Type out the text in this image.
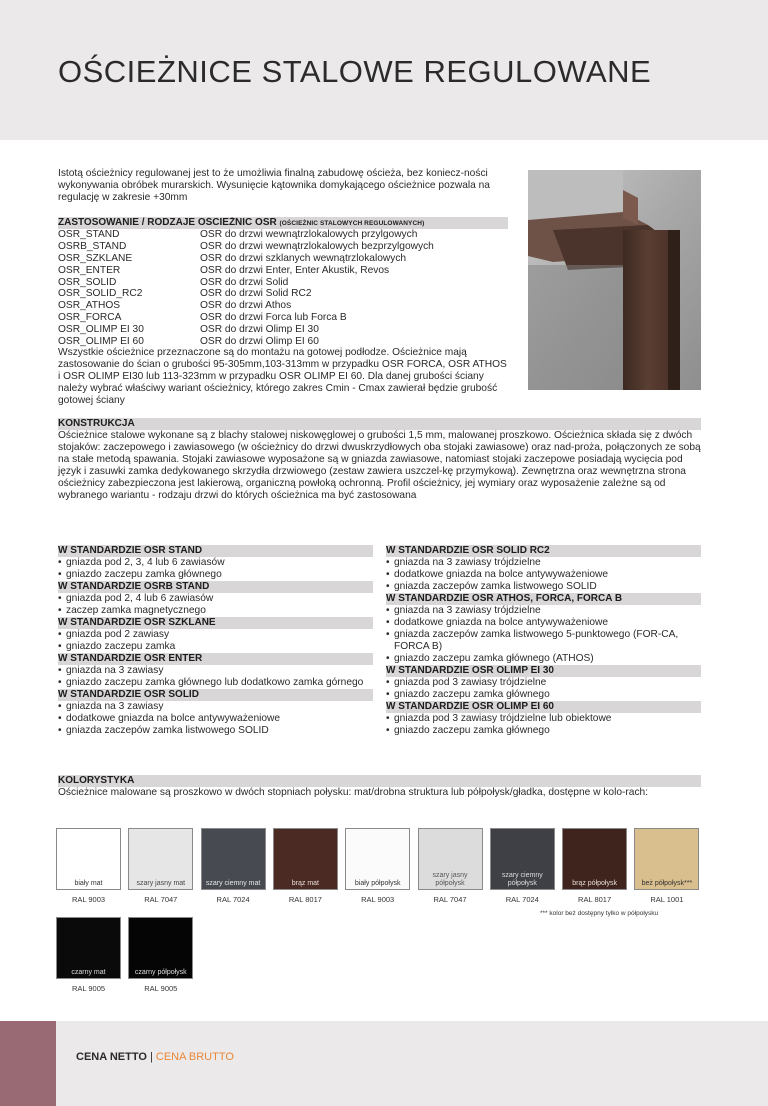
OŚCIEŻNICE STALOWE REGULOWANE
Istotą ościeżnicy regulowanej jest to że umożliwia finalną zabudowę ościeża, bez koniecz-ności wykonywania obróbek murarskich. Wysunięcie kątownika domykającego ościeżnice pozwala na regulację w zakresie +30mm
ZASTOSOWANIE / RODZAJE OŚCIEŻNIC OSR (OŚCIEŻNIC STALOWYCH REGULOWANYCH)
OSR_STAND	OSR do drzwi wewnątrzlokalowych przylgowych
OSRB_STAND	OSR do drzwi wewnątrzlokalowych bezprzylgowych
OSR_SZKLANE	OSR do drzwi szklanych wewnątrzlokalowych
OSR_ENTER	OSR do drzwi Enter, Enter Akustik, Revos
OSR_SOLID	OSR do drzwi Solid
OSR_SOLID_RC2	OSR do drzwi Solid RC2
OSR_ATHOS	OSR do drzwi Athos
OSR_FORCA	OSR do drzwi Forca lub Forca B
OSR_OLIMP EI 30	OSR do drzwi Olimp EI 30
OSR_OLIMP EI 60	OSR do drzwi Olimp EI 60
Wszystkie ościeżnice przeznaczone są do montażu na gotowej podłodze. Ościeżnice mają zastosowanie do ścian o grubości 95-305mm,103-313mm w przypadku OSR FORCA, OSR ATHOS i OSR OLIMP EI30 lub 113-323mm w przypadku OSR OLIMP EI 60. Dla danej grubości ściany należy wybrać właściwy wariant ościeżnicy, którego zakres Cmin - Cmax zawierał będzie grubość gotowej ściany
KONSTRUKCJA
Ościeżnice stalowe wykonane są z blachy stalowej niskowęglowej o grubości 1,5 mm, malowanej proszkowo. Ościeżnica składa się z dwóch stojaków: zaczepowego i zawiasowego (w ościeżnicy do drzwi dwuskrzydłowych oba stojaki zawiasowe) oraz nad-proża, połączonych ze sobą na stałe metodą spawania. Stojaki zawiasowe wyposażone są w gniazda zawiasowe, natomiast stojaki zaczepowe posiadają wycięcia pod język i zasuwki zamka dedykowanego skrzydła drzwiowego (zestaw zawiera uszczel-kę przymykową). Zewnętrzna oraz wewnętrzna strona ościeżnicy zabezpieczona jest lakierową, organiczną powłoką ochronną. Profil ościeżnicy, jej wymiary oraz wyposażenie zależne są od wybranego wariantu - rodzaju drzwi do których ościeżnica ma być zastosowana
W STANDARDZIE OSR STAND
• gniazda pod 2, 3, 4 lub 6 zawiasów
• gniazdo zaczepu zamka głównego
W STANDARDZIE OSRB STAND
• gniazda pod 2, 4 lub 6 zawiasów
• zaczep zamka magnetycznego
W STANDARDZIE OSR SZKLANE
• gniazda pod 2 zawiasy
• gniazdo zaczepu zamka
W STANDARDZIE OSR ENTER
• gniazda na 3 zawiasy
• gniazdo zaczepu zamka głównego lub dodatkowo zamka górnego
W STANDARDZIE OSR SOLID
• gniazda na 3 zawiasy
• dodatkowe gniazda na bolce antywyważeniowe
• gniazda zaczepów zamka listwowego SOLID
W STANDARDZIE OSR SOLID RC2
• gniazda na 3 zawiasy trójdzielne
• dodatkowe gniazda na bolce antywyważeniowe
• gniazda zaczepów zamka listwowego SOLID
W STANDARDZIE OSR ATHOS, FORCA, FORCA B
• gniazda na 3 zawiasy trójdzielne
• dodatkowe gniazda na bolce antywyważeniowe
• gniazda zaczepów zamka listwowego 5-punktowego (FOR-CA, FORCA B)
• gniazdo zaczepu zamka głównego (ATHOS)
W STANDARDZIE OSR OLIMP EI 30
• gniazda pod 3 zawiasy trójdzielne
• gniazdo zaczepu zamka głównego
W STANDARDZIE OSR OLIMP EI 60
• gniazda pod 3 zawiasy trójdzielne lub obiektowe
• gniazdo zaczepu zamka głównego
KOLORYSTYKA
Ościeżnice malowane są proszkowo w dwóch stopniach połysku: mat/drobna struktura lub półpołysk/gładka, dostępne w kolo-rach:
biały mat
RAL 9003
szary jasny mat
RAL 7047
szary ciemny mat
RAL 7024
brąz mat
RAL 8017
biały półpołysk
RAL 9003
szary jasny półpołysk
RAL 7047
szary ciemny półpołysk
RAL 7024
brąz półpołysk
RAL 8017
beż półpołysk***
RAL 1001
czarny mat
RAL 9005
czarny półpołysk
RAL 9005
*** kolor beż dostępny tylko w półpołysku
CENA NETTO | CENA BRUTTO
